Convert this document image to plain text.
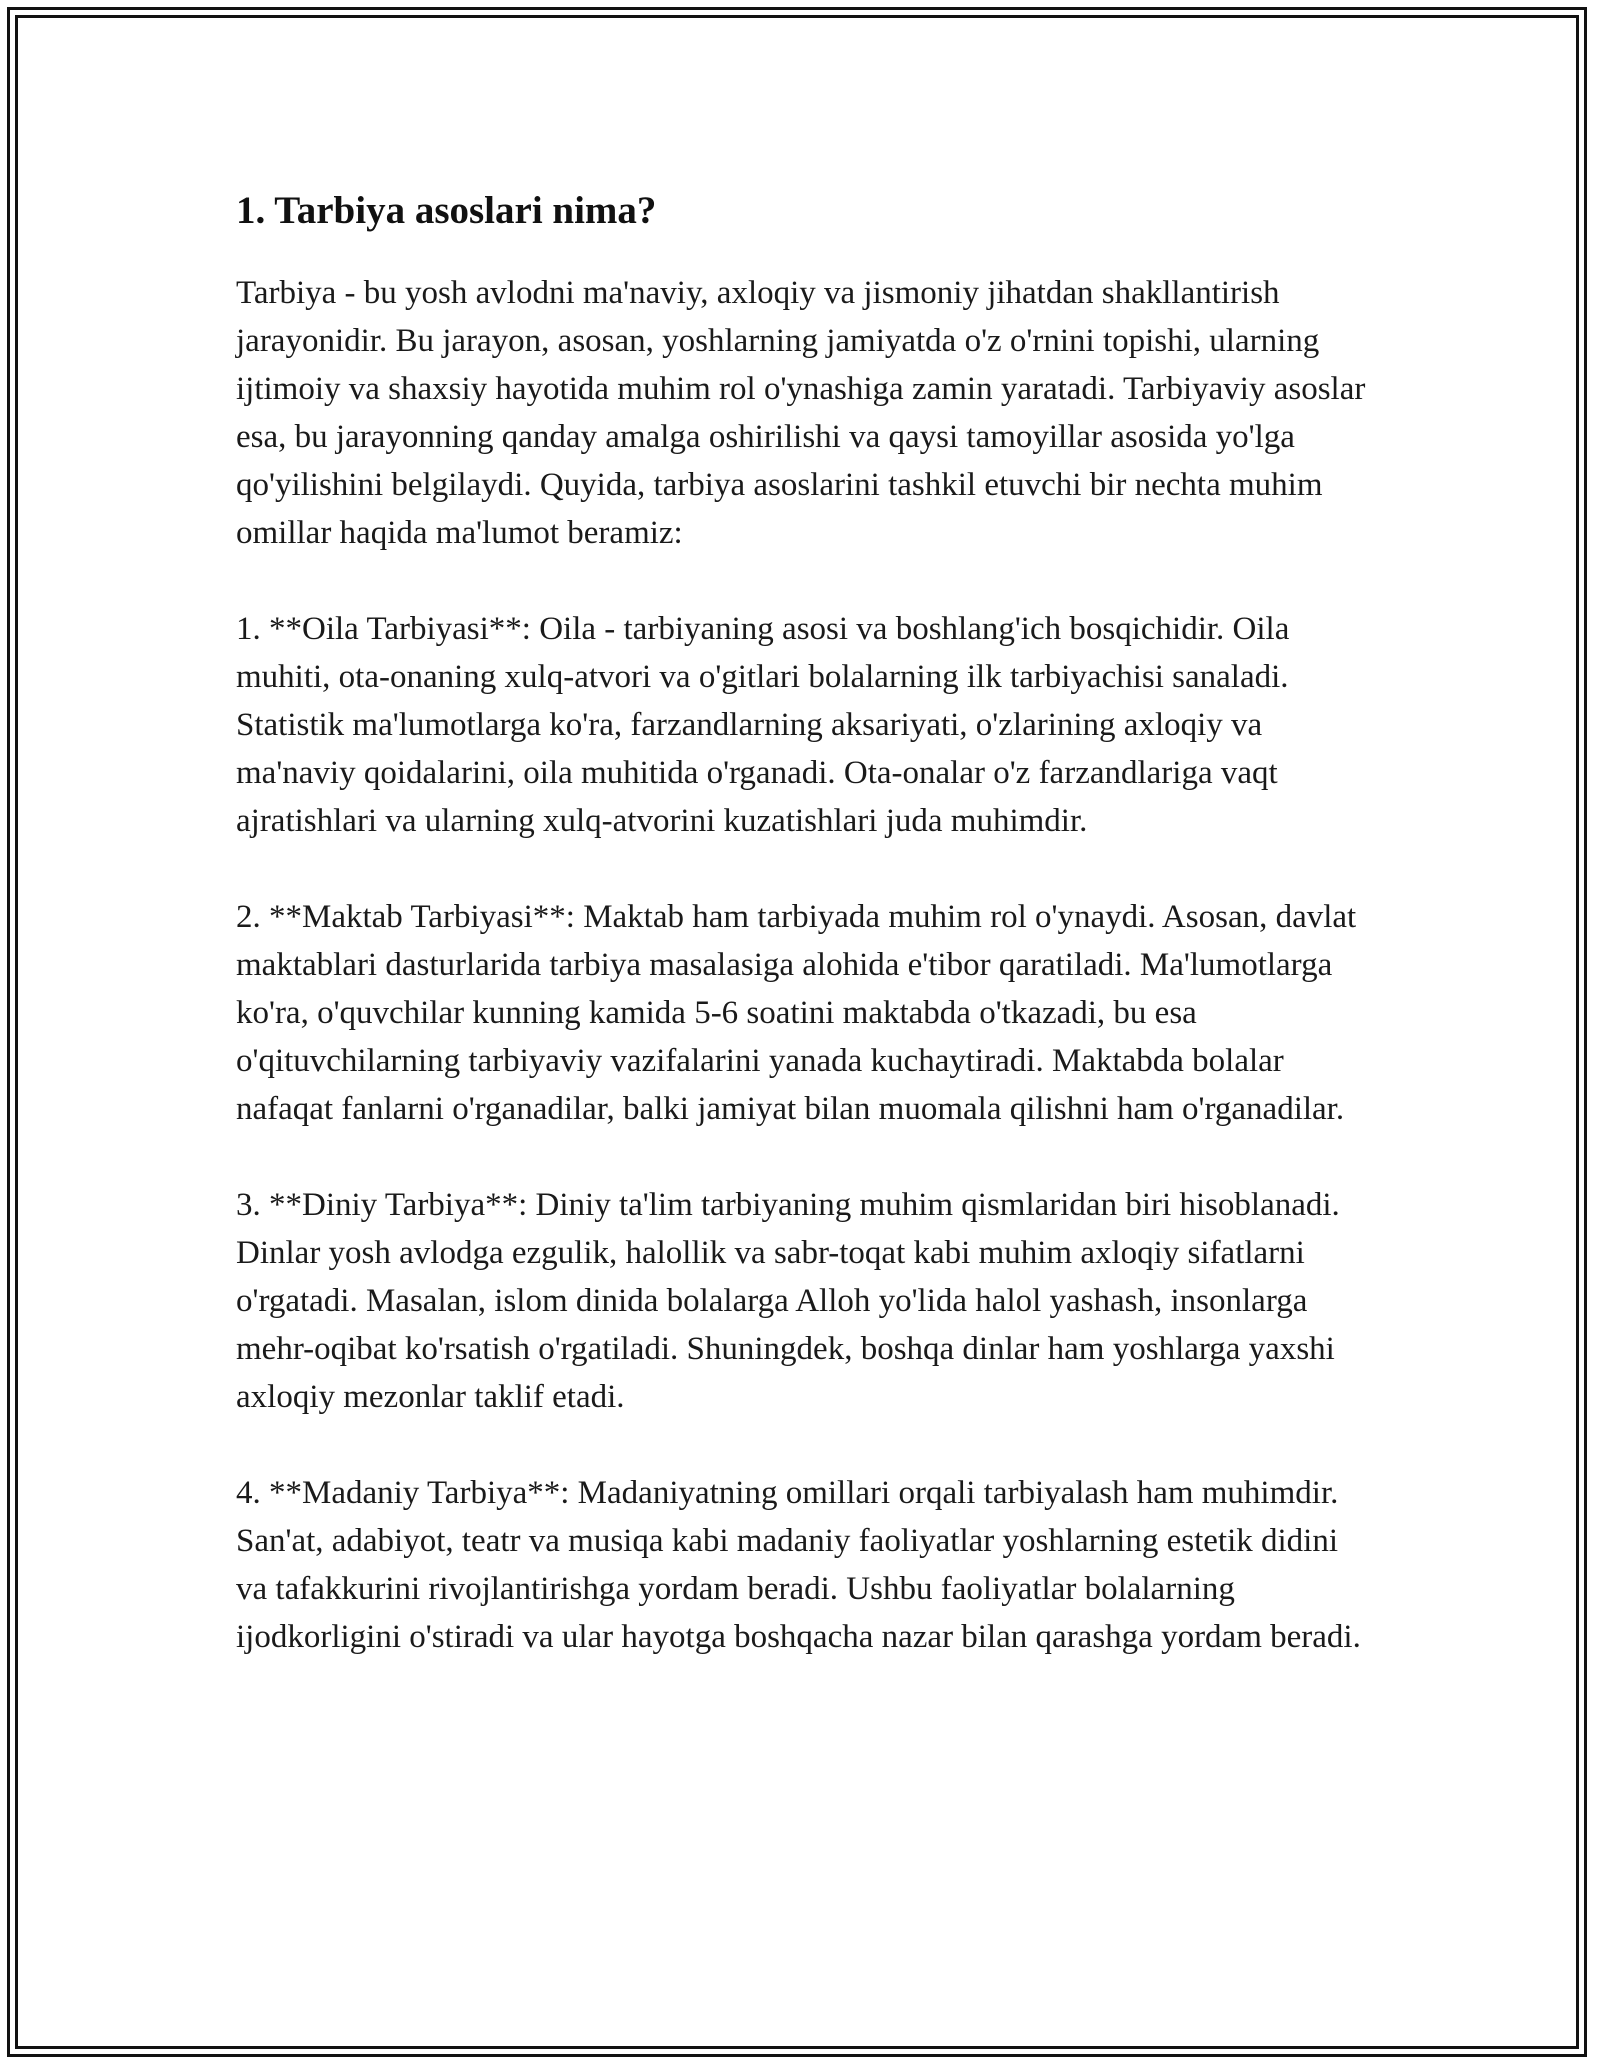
1. Tarbiya asoslari nima?

Tarbiya - bu yosh avlodni ma'naviy, axloqiy va jismoniy jihatdan shakllantirish jarayonidir. Bu jarayon, asosan, yoshlarning jamiyatda o'z o'rnini topishi, ularning ijtimoiy va shaxsiy hayotida muhim rol o'ynashiga zamin yaratadi. Tarbiyaviy asoslar esa, bu jarayonning qanday amalga oshirilishi va qaysi tamoyillar asosida yo'lga qo'yilishini belgilaydi. Quyida, tarbiya asoslarini tashkil etuvchi bir nechta muhim omillar haqida ma'lumot beramiz:

1. **Oila Tarbiyasi**: Oila - tarbiyaning asosi va boshlang'ich bosqichidir. Oila muhiti, ota-onaning xulq-atvori va o'gitlari bolalarning ilk tarbiyachisi sanaladi. Statistik ma'lumotlarga ko'ra, farzandlarning aksariyati, o'zlarining axloqiy va ma'naviy qoidalarini, oila muhitida o'rganadi. Ota-onalar o'z farzandlariga vaqt ajratishlari va ularning xulq-atvorini kuzatishlari juda muhimdir.

2. **Maktab Tarbiyasi**: Maktab ham tarbiyada muhim rol o'ynaydi. Asosan, davlat maktablari dasturlarida tarbiya masalasiga alohida e'tibor qaratiladi. Ma'lumotlarga ko'ra, o'quvchilar kunning kamida 5-6 soatini maktabda o'tkazadi, bu esa o'qituvchilarning tarbiyaviy vazifalarini yanada kuchaytiradi. Maktabda bolalar nafaqat fanlarni o'rganadilar, balki jamiyat bilan muomala qilishni ham o'rganadilar.

3. **Diniy Tarbiya**: Diniy ta'lim tarbiyaning muhim qismlaridan biri hisoblanadi. Dinlar yosh avlodga ezgulik, halollik va sabr-toqat kabi muhim axloqiy sifatlarni o'rgatadi. Masalan, islom dinida bolalarga Alloh yo'lida halol yashash, insonlarga mehr-oqibat ko'rsatish o'rgatiladi. Shuningdek, boshqa dinlar ham yoshlarga yaxshi axloqiy mezonlar taklif etadi.

4. **Madaniy Tarbiya**: Madaniyatning omillari orqali tarbiyalash ham muhimdir. San'at, adabiyot, teatr va musiqa kabi madaniy faoliyatlar yoshlarning estetik didini va tafakkurini rivojlantirishga yordam beradi. Ushbu faoliyatlar bolalarning ijodkorligini o'stiradi va ular hayotga boshqacha nazar bilan qarashga yordam beradi.
